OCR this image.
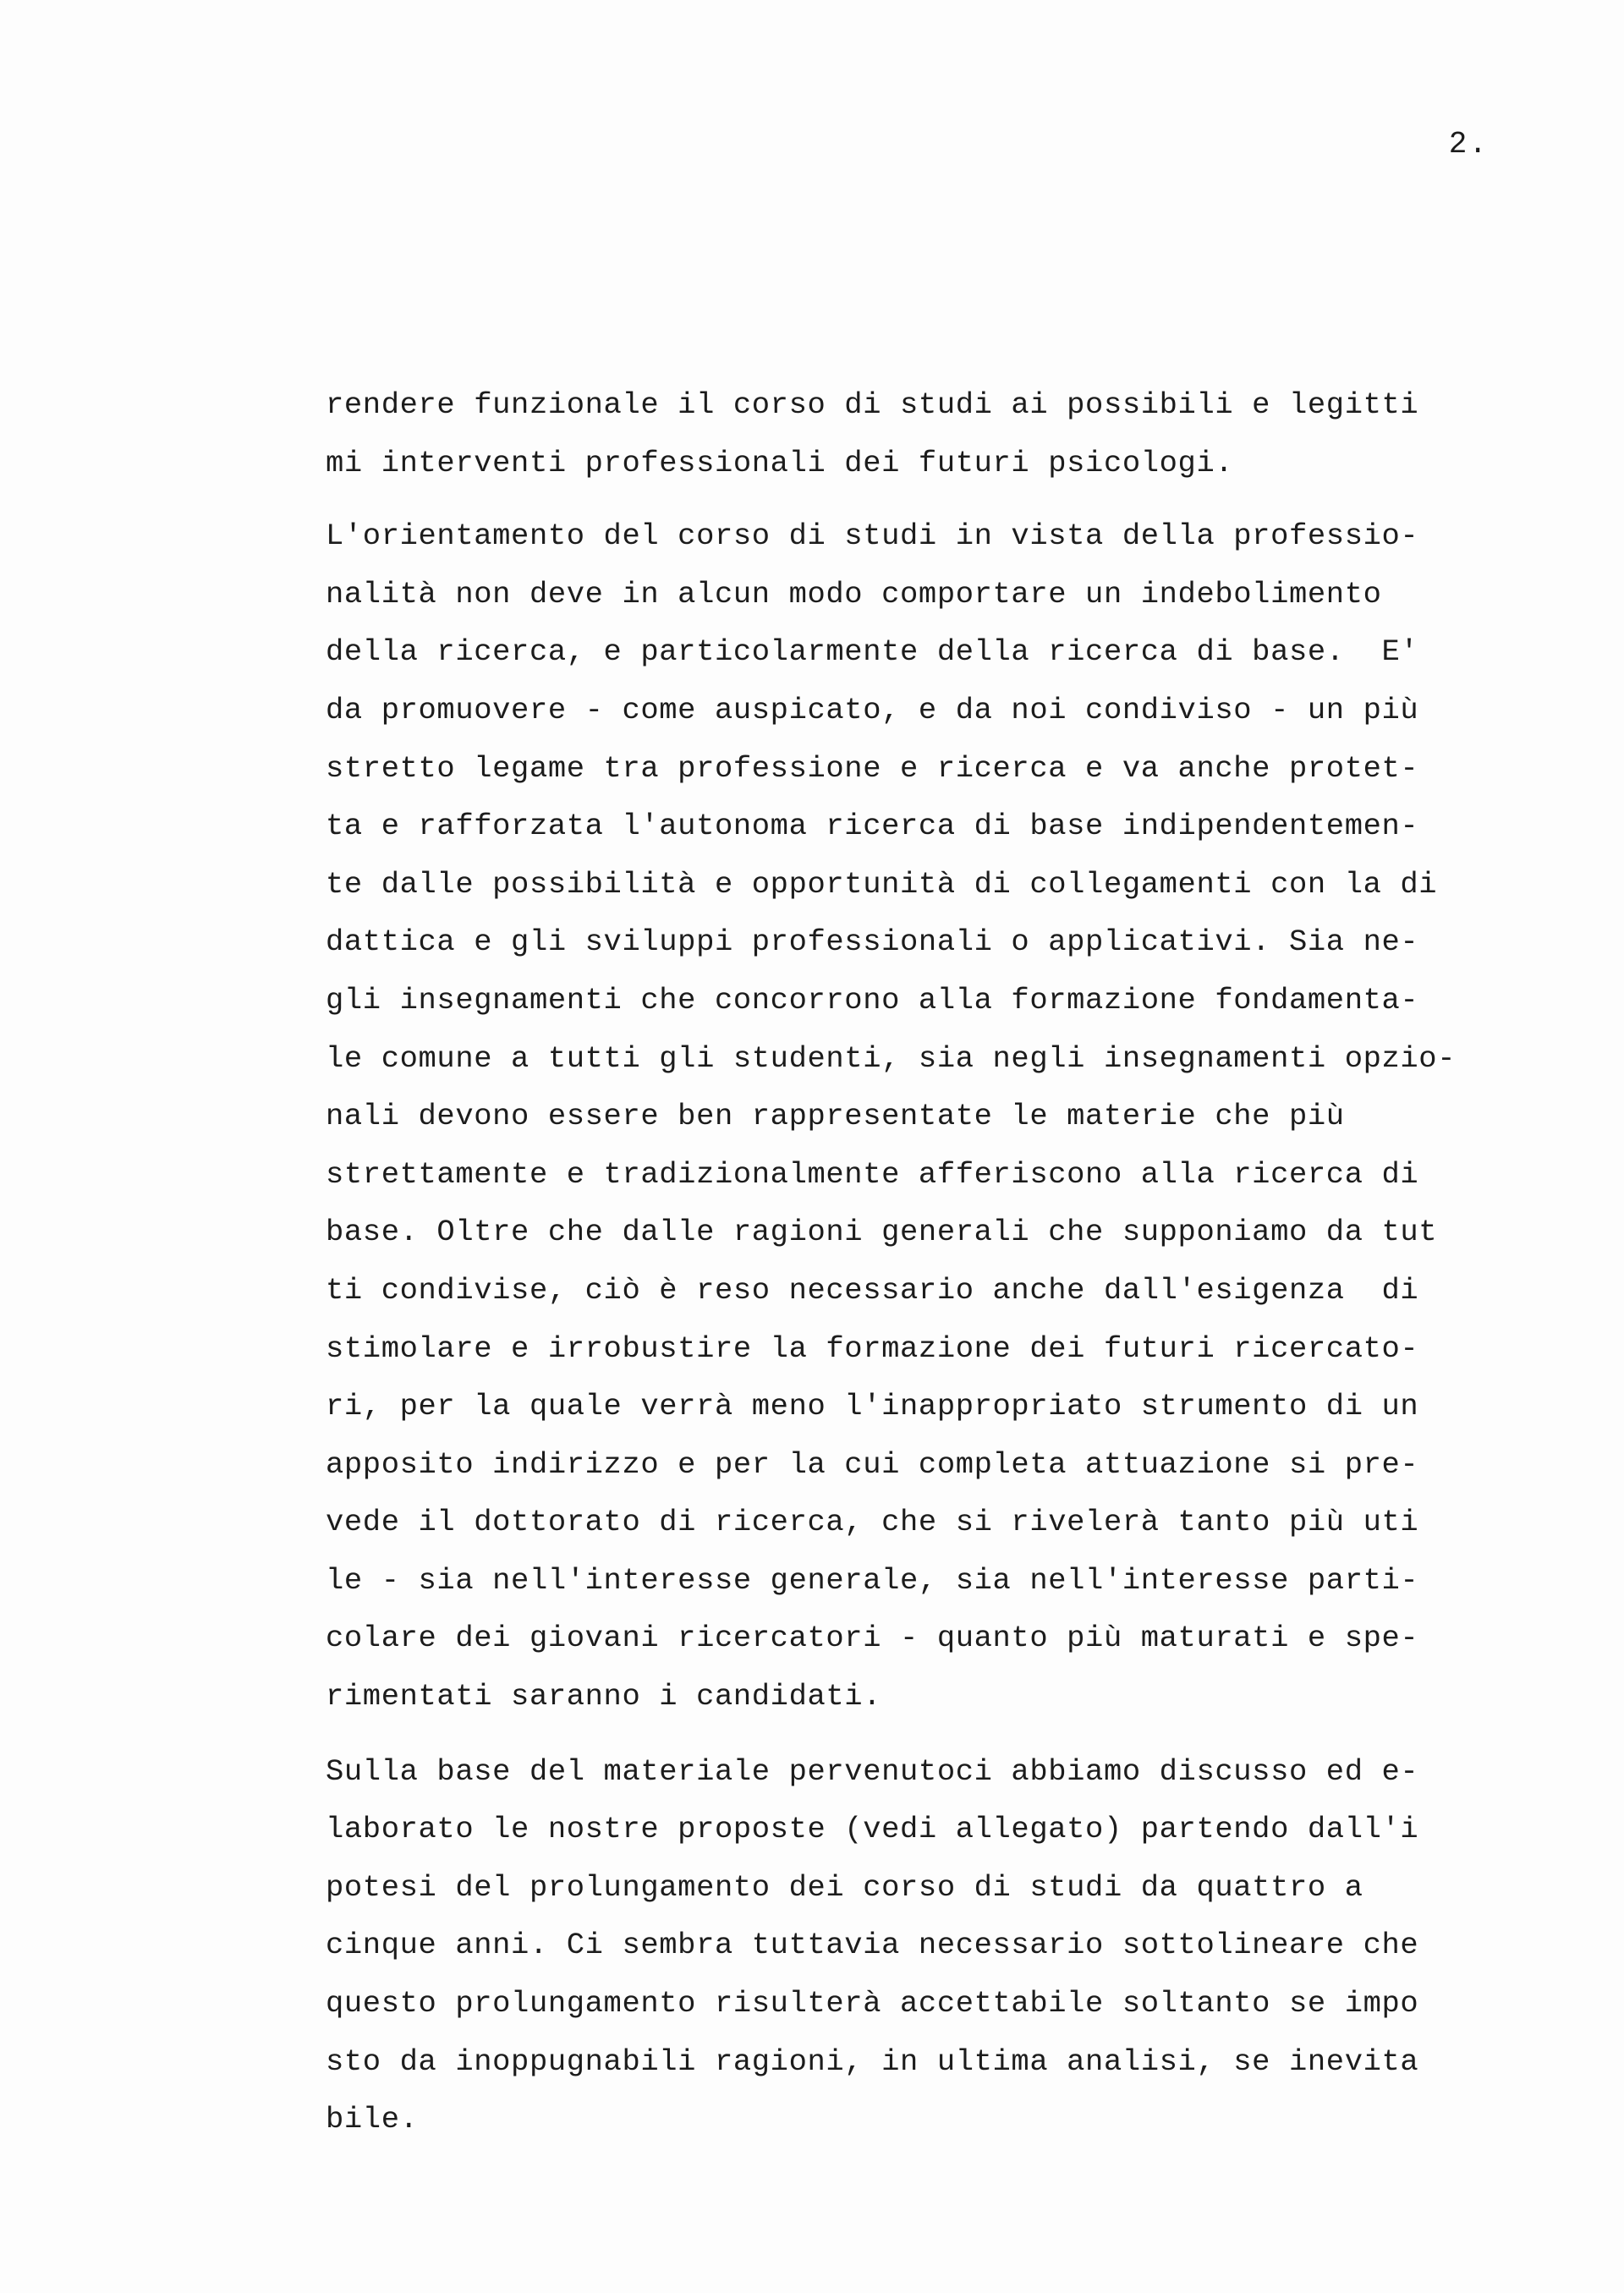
2.
rendere funzionale il corso di studi ai possibili e legitti
mi interventi professionali dei futuri psicologi.
L'orientamento del corso di studi in vista della professio-
nalità non deve in alcun modo comportare un indebolimento
della ricerca, e particolarmente della ricerca di base.  E'
da promuovere - come auspicato, e da noi condiviso - un più
stretto legame tra professione e ricerca e va anche protet-
ta e rafforzata l'autonoma ricerca di base indipendentemen-
te dalle possibilità e opportunità di collegamenti con la di
dattica e gli sviluppi professionali o applicativi. Sia ne-
gli insegnamenti che concorrono alla formazione fondamenta-
le comune a tutti gli studenti, sia negli insegnamenti opzio-
nali devono essere ben rappresentate le materie che più
strettamente e tradizionalmente afferiscono alla ricerca di
base. Oltre che dalle ragioni generali che supponiamo da tut
ti condivise, ciò è reso necessario anche dall'esigenza  di
stimolare e irrobustire la formazione dei futuri ricercato-
ri, per la quale verrà meno l'inappropriato strumento di un
apposito indirizzo e per la cui completa attuazione si pre-
vede il dottorato di ricerca, che si rivelerà tanto più uti
le - sia nell'interesse generale, sia nell'interesse parti-
colare dei giovani ricercatori - quanto più maturati e spe-
rimentati saranno i candidati.
Sulla base del materiale pervenutoci abbiamo discusso ed e-
laborato le nostre proposte (vedi allegato) partendo dall'i
potesi del prolungamento dei corso di studi da quattro a
cinque anni. Ci sembra tuttavia necessario sottolineare che
questo prolungamento risulterà accettabile soltanto se impo
sto da inoppugnabili ragioni, in ultima analisi, se inevita
bile.
